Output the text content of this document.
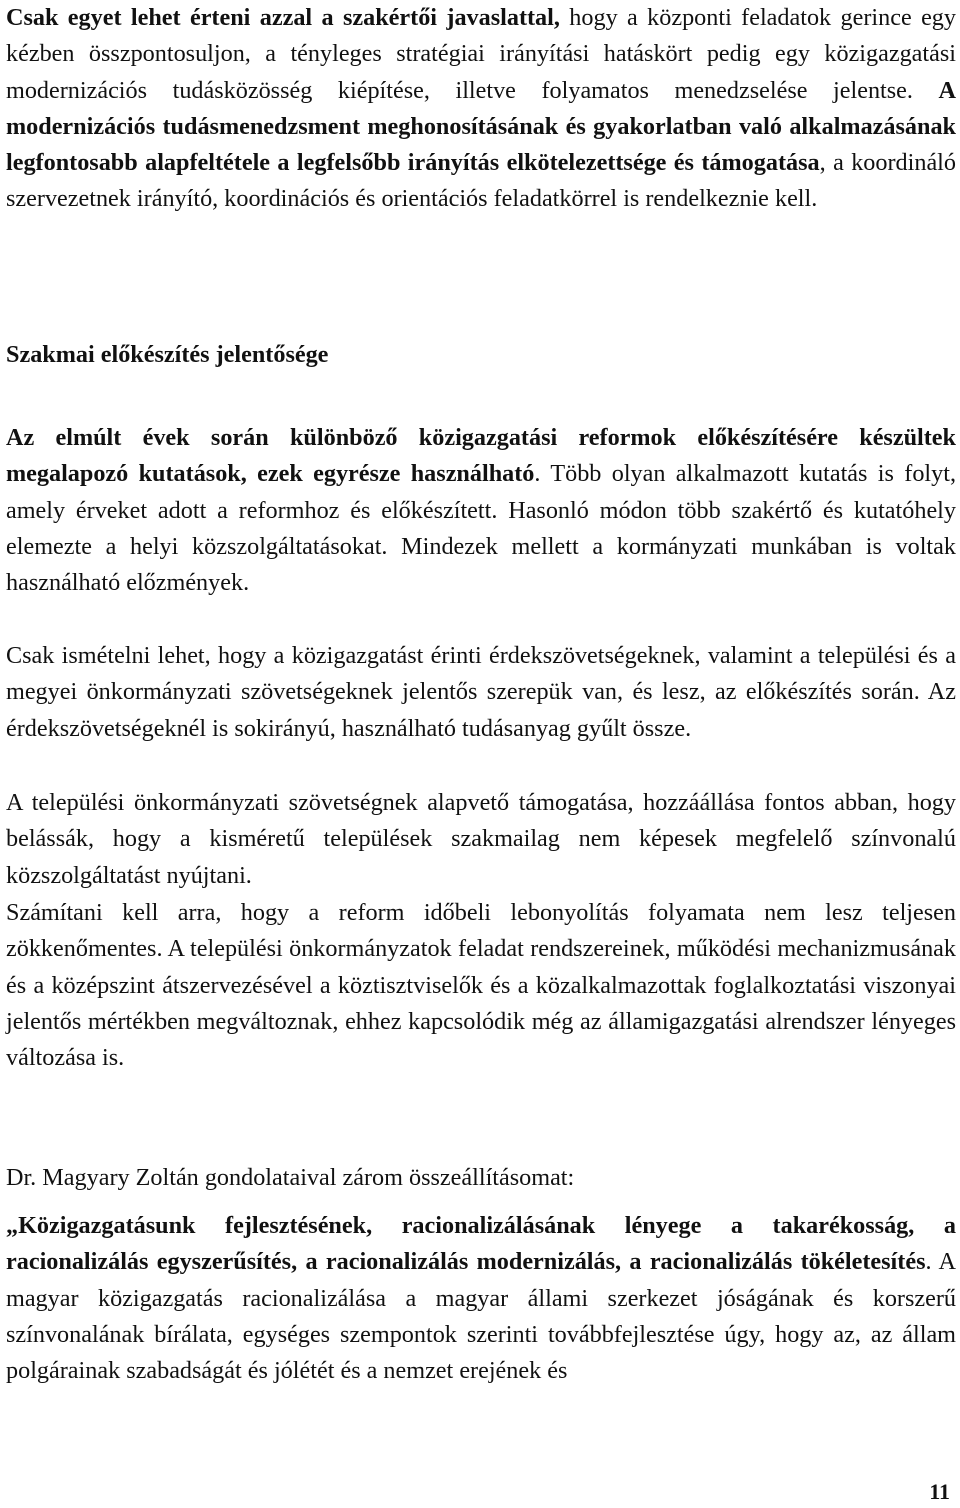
Csak egyet lehet érteni azzal a szakértői javaslattal, hogy a központi feladatok gerince egy kézben összpontosuljon, a tényleges stratégiai irányítási hatáskört pedig egy közigazgatási modernizációs tudásközösség kiépítése, illetve folyamatos menedzselése jelentse. A modernizációs tudásmenedzsment meghonosításának és gyakorlatban való alkalmazásának legfontosabb alapfeltétele a legfelsőbb irányítás elkötelezettsége és támogatása, a koordináló szervezetnek irányító, koordinációs és orientációs feladatkörrel is rendelkeznie kell.

Szakmai előkészítés jelentősége

Az elmúlt évek során különböző közigazgatási reformok előkészítésére készültek megalapozó kutatások, ezek egyrésze használható. Több olyan alkalmazott kutatás is folyt, amely érveket adott a reformhoz és előkészített. Hasonló módon több szakértő és kutatóhely elemezte a helyi közszolgáltatásokat. Mindezek mellett a kormányzati munkában is voltak használható előzmények.

Csak ismételni lehet, hogy a közigazgatást érinti érdekszövetségeknek, valamint a települési és a megyei önkormányzati szövetségeknek jelentős szerepük van, és lesz, az előkészítés során. Az érdekszövetségeknél is sokirányú, használható tudásanyag gyűlt össze.

A települési önkormányzati szövetségnek alapvető támogatása, hozzáállása fontos abban, hogy belássák, hogy a kisméretű települések szakmailag nem képesek megfelelő színvonalú közszolgáltatást nyújtani.

Számítani kell arra, hogy a reform időbeli lebonyolítás folyamata nem lesz teljesen zökkenőmentes. A települési önkormányzatok feladat rendszereinek, működési mechanizmusának és a középszint átszervezésével a köztisztviselők és a közalkalmazottak foglalkoztatási viszonyai jelentős mértékben megváltoznak, ehhez kapcsolódik még az államigazgatási alrendszer lényeges változása is.

Dr. Magyary Zoltán gondolataival zárom összeállításomat:

„Közigazgatásunk fejlesztésének, racionalizálásának lényege a takarékosság, a racionalizálás egyszerűsítés, a racionalizálás modernizálás, a racionalizálás tökéletesítés. A magyar közigazgatás racionalizálása a magyar állami szerkezet jóságának és korszerű színvonalának bírálata, egységes szempontok szerinti továbbfejlesztése úgy, hogy az, az állam polgárainak szabadságát és jólétét és a nemzet erejének és

11
